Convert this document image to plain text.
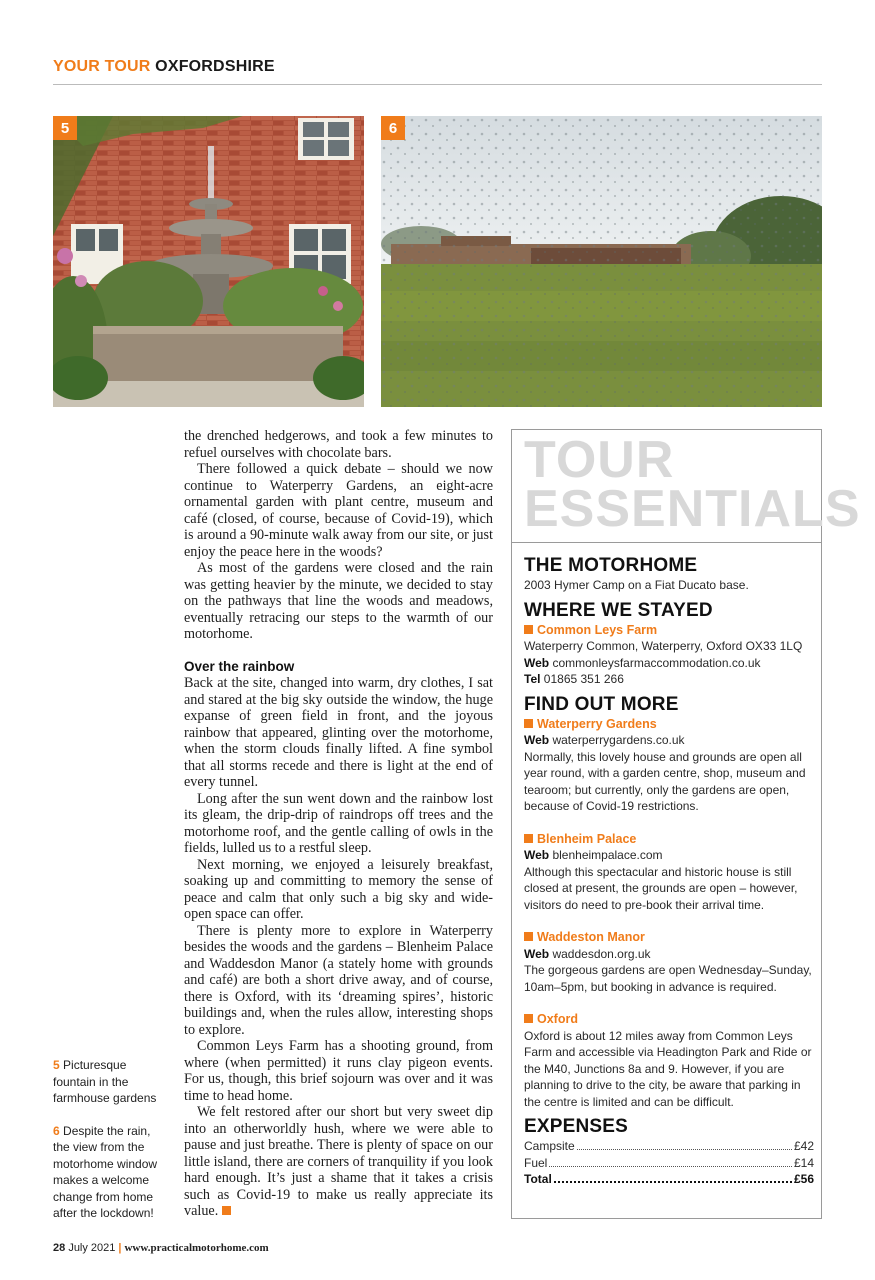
YOUR TOUR OXFORDSHIRE
5	6

the drenched hedgerows, and took a few minutes to refuel ourselves with chocolate bars.

There followed a quick debate – should we now continue to Waterperry Gardens, an eight-acre ornamental garden with plant centre, museum and café (closed, of course, because of Covid-19), which is around a 90-minute walk away from our site, or just enjoy the peace here in the woods?

As most of the gardens were closed and the rain was getting heavier by the minute, we decided to stay on the pathways that line the woods and meadows, eventually retracing our steps to the warmth of our motorhome.

Over the rainbow

Back at the site, changed into warm, dry clothes, I sat and stared at the big sky outside the window, the huge expanse of green field in front, and the joyous rainbow that appeared, glinting over the motorhome, when the storm clouds finally lifted. A fine symbol that all storms recede and there is light at the end of every tunnel.

Long after the sun went down and the rainbow lost its gleam, the drip-drip of raindrops off trees and the motorhome roof, and the gentle calling of owls in the fields, lulled us to a restful sleep.

Next morning, we enjoyed a leisurely breakfast, soaking up and committing to memory the sense of peace and calm that only such a big sky and wide-open space can offer.

There is plenty more to explore in Waterperry besides the woods and the gardens – Blenheim Palace and Waddesdon Manor (a stately home with grounds and café) are both a short drive away, and of course, there is Oxford, with its ‘dreaming spires’, historic buildings and, when the rules allow, interesting shops to explore.

Common Leys Farm has a shooting ground, from where (when permitted) it runs clay pigeon events. For us, though, this brief sojourn was over and it was time to head home.

We felt restored after our short but very sweet dip into an otherworldly hush, where we were able to pause and just breathe. There is plenty of space on our little island, there are corners of tranquility if you look hard enough. It’s just a shame that it takes a crisis such as Covid-19 to make us really appreciate its value.

5 Picturesque fountain in the farmhouse gardens

6 Despite the rain, the view from the motorhome window makes a welcome change from home after the lockdown!

TOUR
ESSENTIALS
THE MOTORHOME

2003 Hymer Camp on a Fiat Ducato base.

WHERE WE STAYED

Common Leys Farm

Waterperry Common, Waterperry, Oxford OX33 1LQ

Web commonleysfarmaccommodation.co.uk

Tel 01865 351 266

FIND OUT MORE

Waterperry Gardens

Web waterperrygardens.co.uk

Normally, this lovely house and grounds are open all year round, with a garden centre, shop, museum and tearoom; but currently, only the gardens are open, because of Covid-19 restrictions.

Blenheim Palace

Web blenheimpalace.com

Although this spectacular and historic house is still closed at present, the grounds are open – however, visitors do need to pre-book their arrival time.

Waddeston Manor

Web waddesdon.org.uk

The gorgeous gardens are open Wednesday–Sunday, 10am–5pm, but booking in advance is required.

Oxford

Oxford is about 12 miles away from Common Leys Farm and accessible via Headington Park and Ride or the M40, Junctions 8a and 9. However, if you are planning to drive to the city, be aware that parking in the centre is limited and can be difficult.

EXPENSES
Campsite	£42
Fuel	£14
Total	£56
28 July 2021 | www.practicalmotorhome.com
